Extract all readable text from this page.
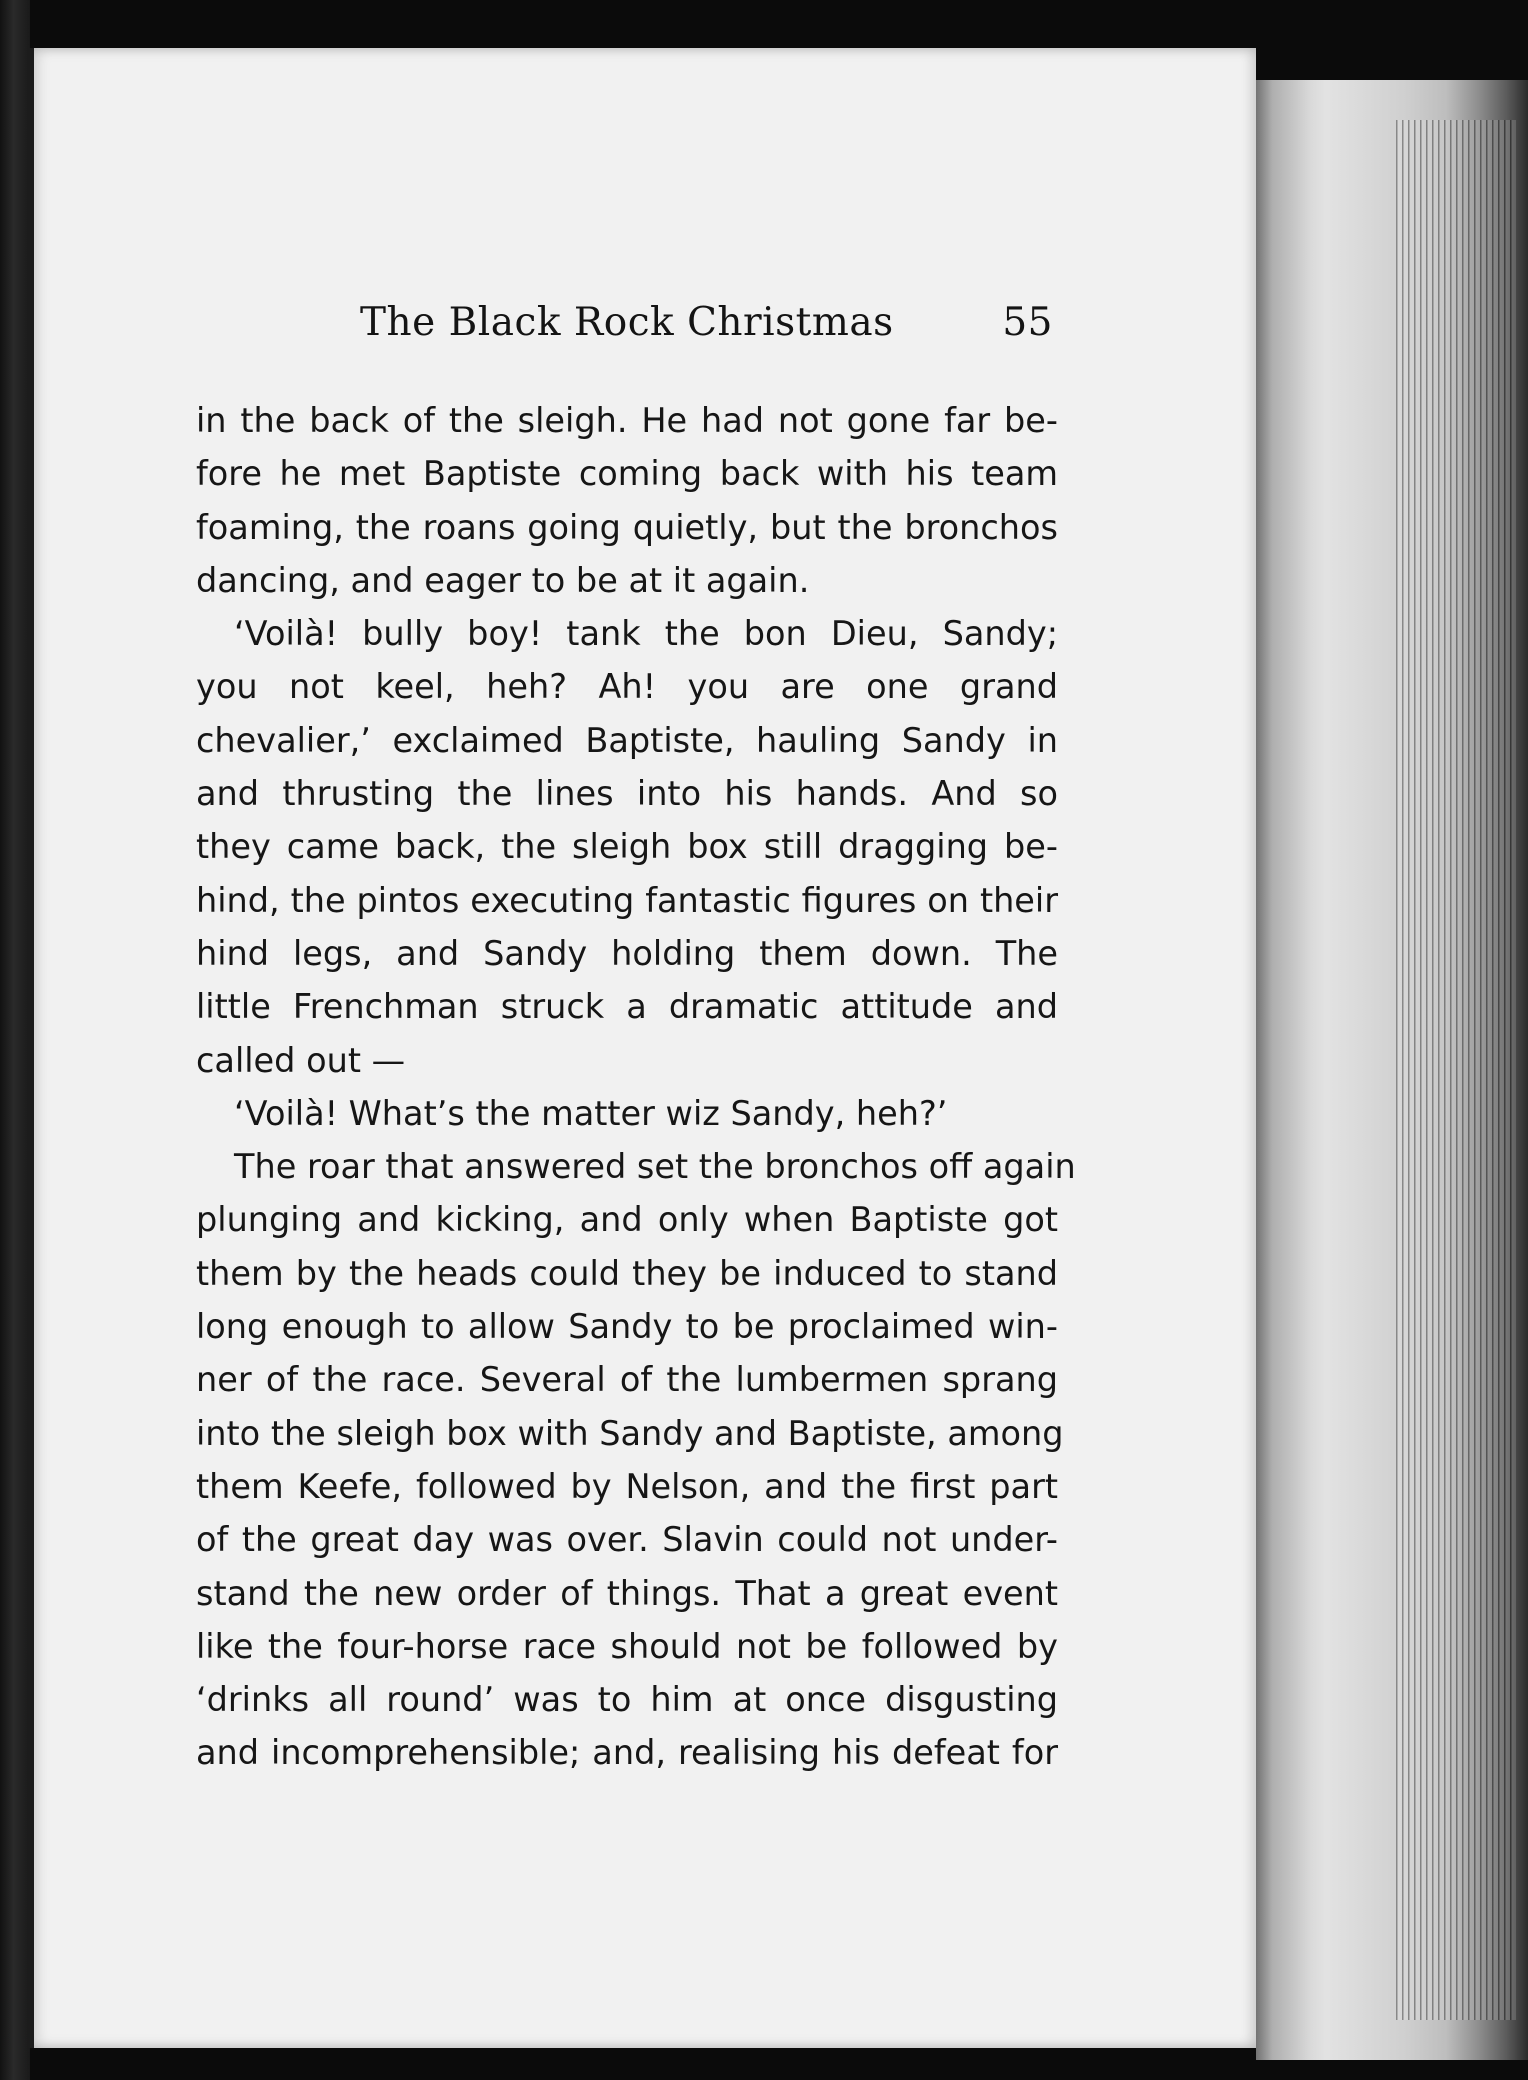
The Black Rock Christmas	55
in the back of the sleigh. He had not gone far be-
fore he met Baptiste coming back with his team
foaming, the roans going quietly, but the bronchos
dancing, and eager to be at it again.
‘Voilà! bully boy! tank the bon Dieu, Sandy;
you not keel, heh? Ah! you are one grand
chevalier,’ exclaimed Baptiste, hauling Sandy in
and thrusting the lines into his hands. And so
they came back, the sleigh box still dragging be-
hind, the pintos executing fantastic figures on their
hind legs, and Sandy holding them down. The
little Frenchman struck a dramatic attitude and
called out —
‘Voilà! What’s the matter wiz Sandy, heh?’
The roar that answered set the bronchos off again
plunging and kicking, and only when Baptiste got
them by the heads could they be induced to stand
long enough to allow Sandy to be proclaimed win-
ner of the race. Several of the lumbermen sprang
into the sleigh box with Sandy and Baptiste, among
them Keefe, followed by Nelson, and the first part
of the great day was over. Slavin could not under-
stand the new order of things. That a great event
like the four-horse race should not be followed by
‘drinks all round’ was to him at once disgusting
and incomprehensible; and, realising his defeat for
